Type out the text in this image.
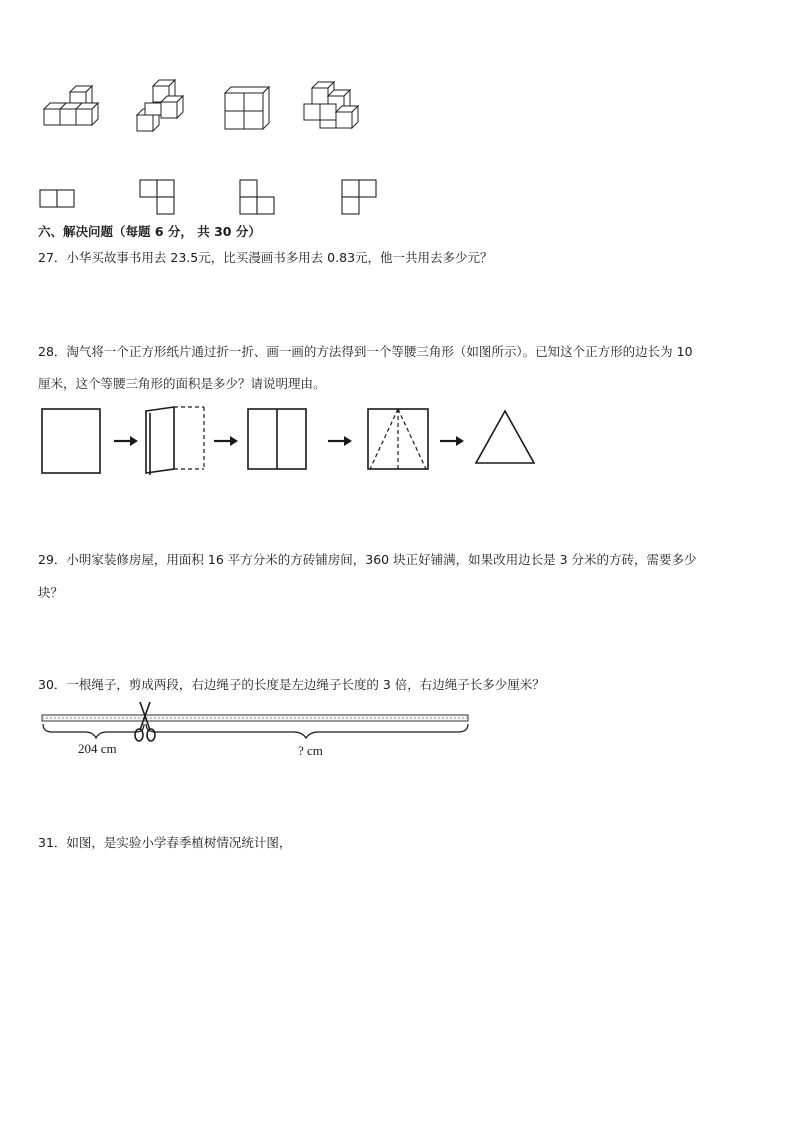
六、解决问题（每题 6 分， 共 30 分）
27．小华买故事书用去 23.5元，比买漫画书多用去 0.83元，他一共用去多少元？
28．淘气将一个正方形纸片通过折一折、画一画的方法得到一个等腰三角形（如图所示）。已知这个正方形的边长为 10
厘米，这个等腰三角形的面积是多少？请说明理由。
29．小明家装修房屋，用面积 16 平方分米的方砖铺房间，360 块正好铺满，如果改用边长是 3 分米的方砖，需要多少
块？
30．一根绳子，剪成两段，右边绳子的长度是左边绳子长度的 3 倍，右边绳子长多少厘米？
204 cm	? cm
31．如图，是实验小学春季植树情况统计图，
